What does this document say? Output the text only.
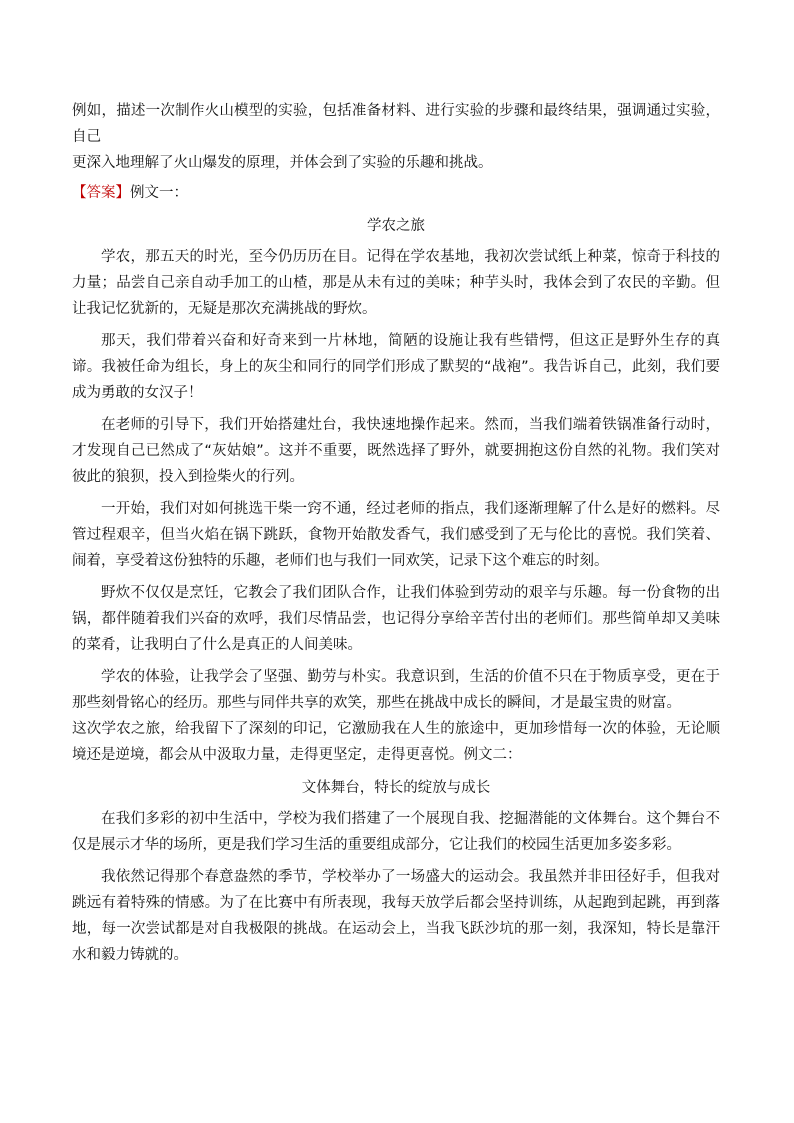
例如，描述一次制作火山模型的实验，包括准备材料、进行实验的步骤和最终结果，强调通过实验，自己
更深入地理解了火山爆发的原理，并体会到了实验的乐趣和挑战。

【答案】例文一：

学农之旅

学农，那五天的时光，至今仍历历在目。记得在学农基地，我初次尝试纸上种菜，惊奇于科技的力量；品尝自己亲自动手加工的山楂，那是从未有过的美味；种芋头时，我体会到了农民的辛勤。但让我记忆犹新的，无疑是那次充满挑战的野炊。

那天，我们带着兴奋和好奇来到一片林地，简陋的设施让我有些错愕，但这正是野外生存的真谛。我被任命为组长，身上的灰尘和同行的同学们形成了默契的“战袍”。我告诉自己，此刻，我们要成为勇敢的女汉子！

在老师的引导下，我们开始搭建灶台，我快速地操作起来。然而，当我们端着铁锅准备行动时，才发现自己已然成了“灰姑娘”。这并不重要，既然选择了野外，就要拥抱这份自然的礼物。我们笑对彼此的狼狈，投入到捡柴火的行列。

一开始，我们对如何挑选干柴一窍不通，经过老师的指点，我们逐渐理解了什么是好的燃料。尽管过程艰辛，但当火焰在锅下跳跃，食物开始散发香气，我们感受到了无与伦比的喜悦。我们笑着、闹着，享受着这份独特的乐趣，老师们也与我们一同欢笑，记录下这个难忘的时刻。

野炊不仅仅是烹饪，它教会了我们团队合作，让我们体验到劳动的艰辛与乐趣。每一份食物的出锅，都伴随着我们兴奋的欢呼，我们尽情品尝，也记得分享给辛苦付出的老师们。那些简单却又美味的菜肴，让我明白了什么是真正的人间美味。

学农的体验，让我学会了坚强、勤劳与朴实。我意识到，生活的价值不只在于物质享受，更在于那些刻骨铭心的经历。那些与同伴共享的欢笑，那些在挑战中成长的瞬间，才是最宝贵的财富。

这次学农之旅，给我留下了深刻的印记，它激励我在人生的旅途中，更加珍惜每一次的体验，无论顺境还是逆境，都会从中汲取力量，走得更坚定，走得更喜悦。例文二：

文体舞台，特长的绽放与成长

在我们多彩的初中生活中，学校为我们搭建了一个展现自我、挖掘潜能的文体舞台。这个舞台不仅是展示才华的场所，更是我们学习生活的重要组成部分，它让我们的校园生活更加多姿多彩。

我依然记得那个春意盎然的季节，学校举办了一场盛大的运动会。我虽然并非田径好手，但我对跳远有着特殊的情感。为了在比赛中有所表现，我每天放学后都会坚持训练，从起跑到起跳，再到落地，每一次尝试都是对自我极限的挑战。在运动会上，当我飞跃沙坑的那一刻，我深知，特长是靠汗水和毅力铸就的。
